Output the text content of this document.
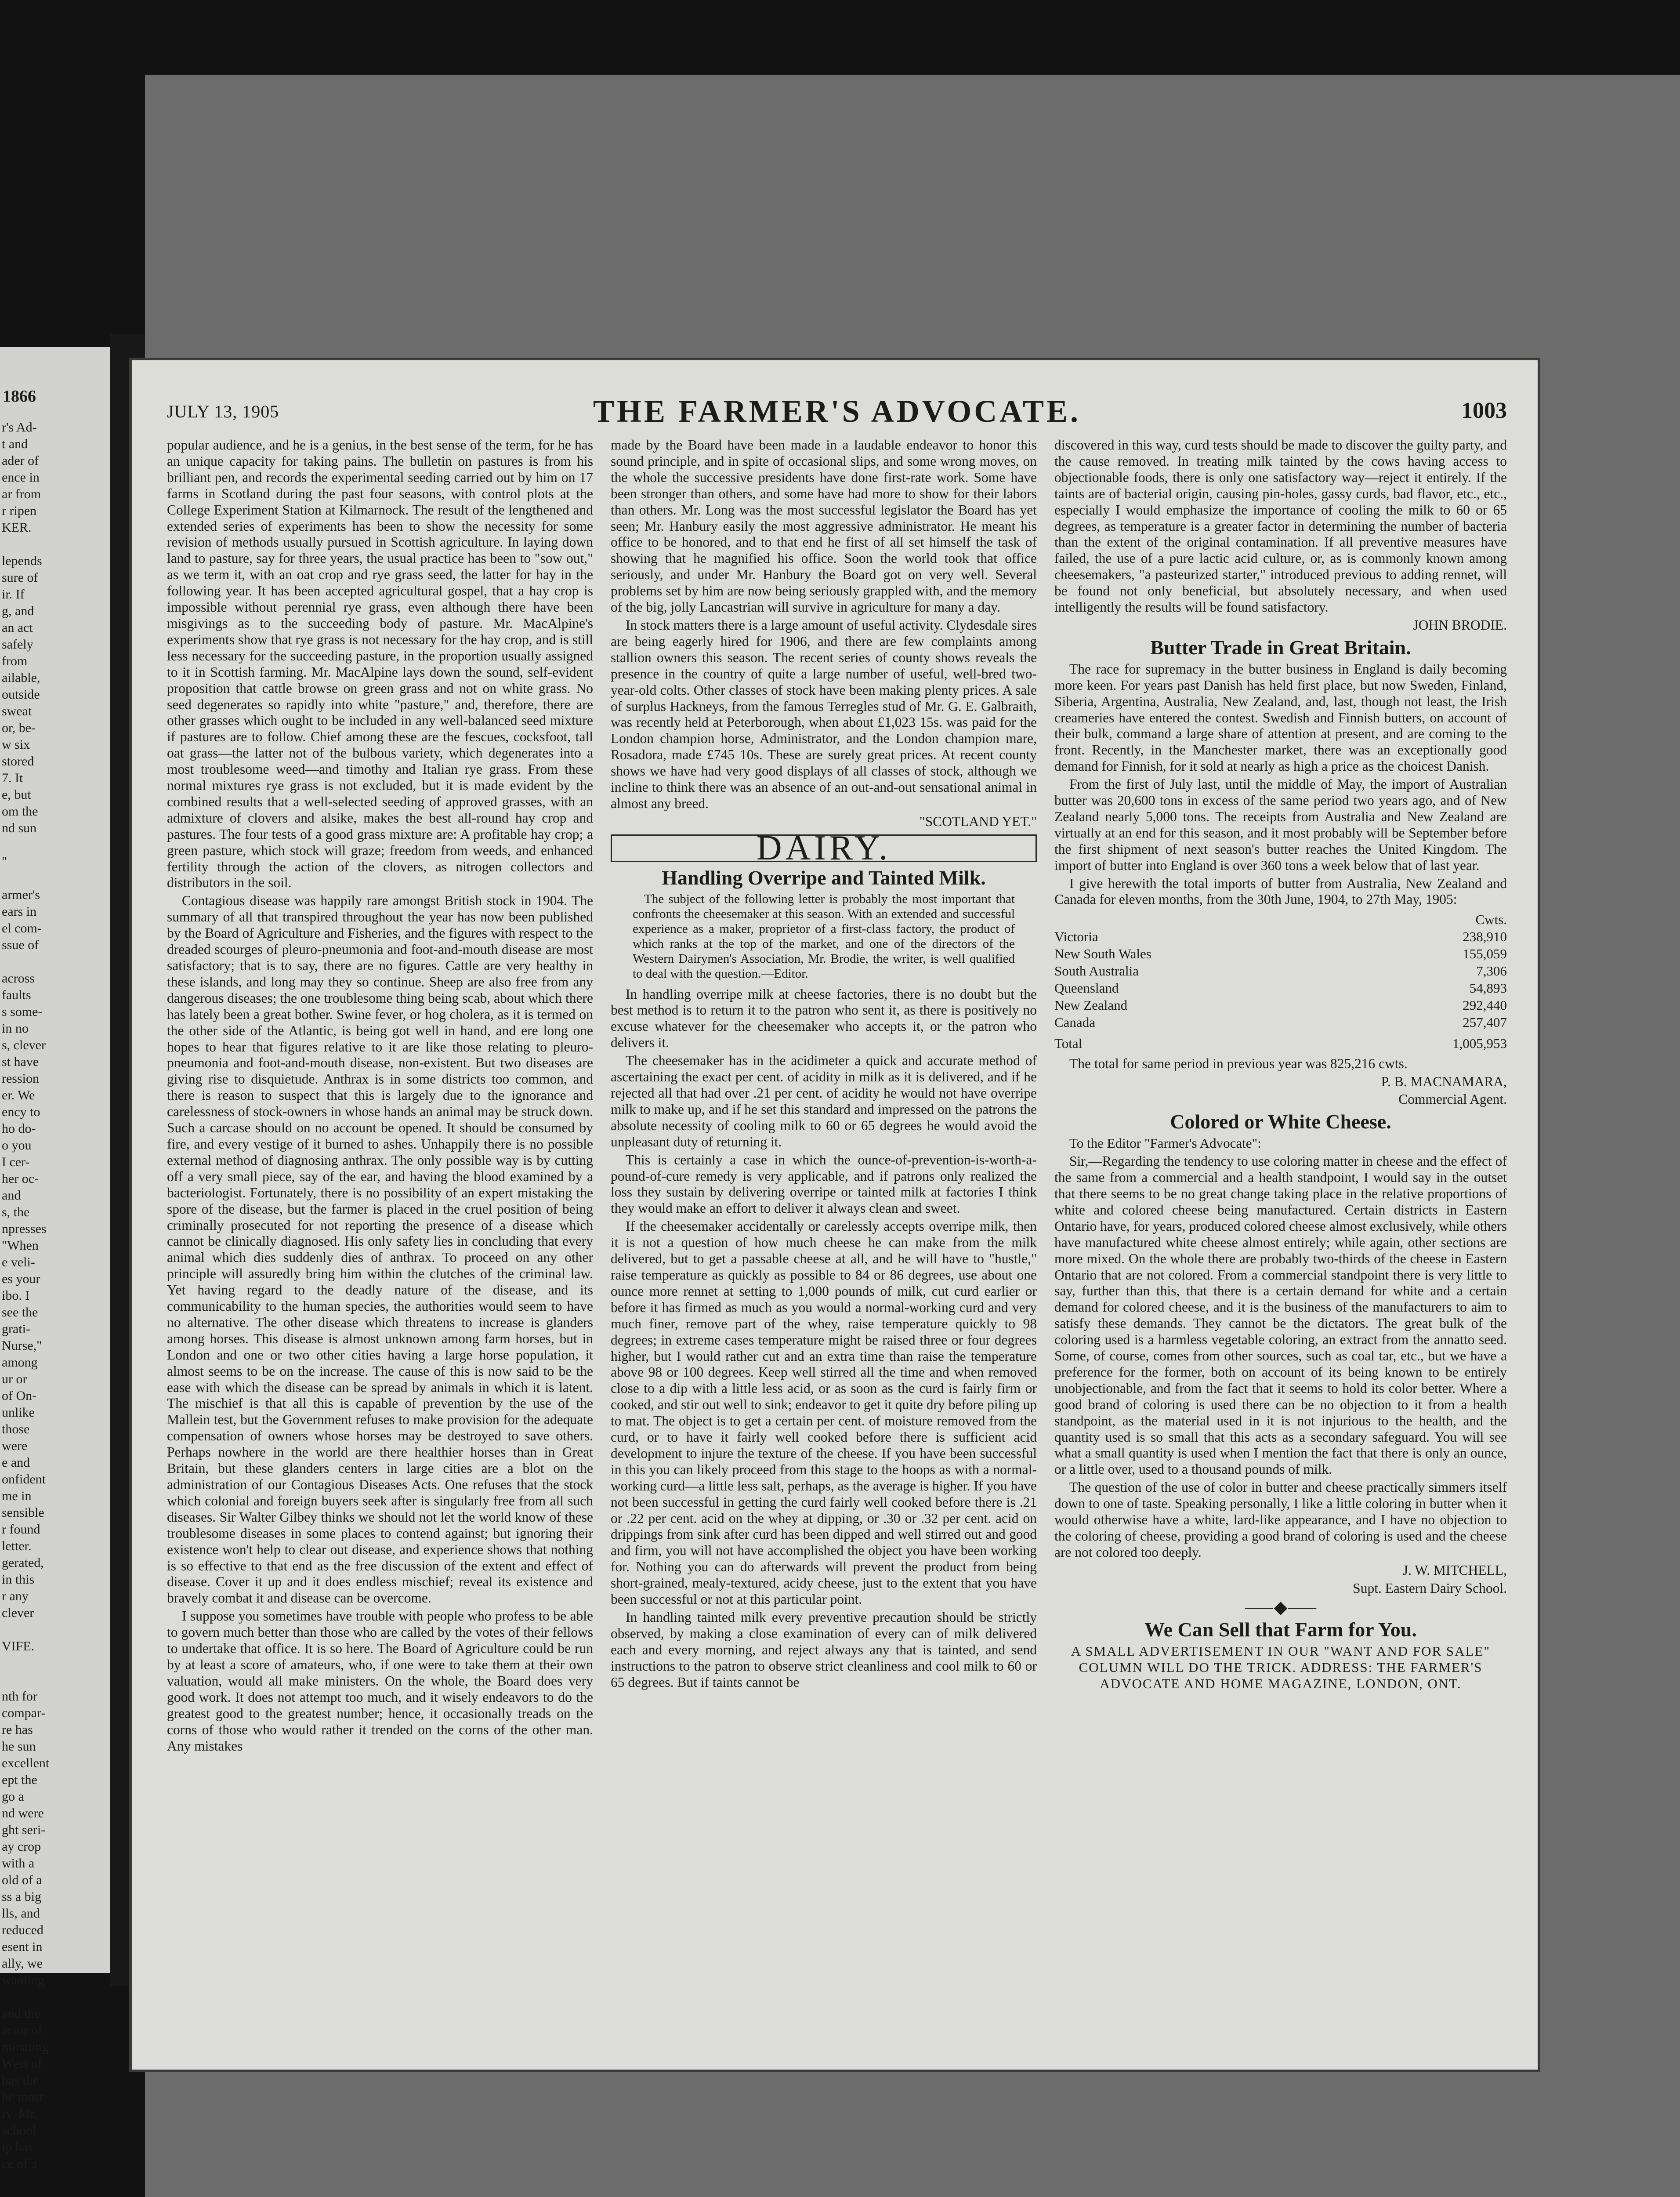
1866
r's Ad-
t and
ader of
ence in
ar from
r ripen
KER.

lepends
sure of
ir. If
g, and
an act
safely
from
ailable,
outside
sweat
or, be-
w six
stored
7. It
e, but
om the
nd sun

"

armer's
ears in
el com-
ssue of

across
faults
s some-
in no
s, clever
st have
ression
er. We
ency to
ho do-
o you
I cer-
her oc-
and
s, the
npresses
"When
e veli-
es your
ibo. I
see the
grati-
Nurse,"
among
ur or
of On-
unlike
those
were
e and
onfident
me in
sensible
r found
letter.
gerated,
in this
r any
clever

VIFE.

nth for
compar-
re has
he sun
excellent
ept the
go a
nd were
ght seri-
ay crop
with a
old of a
ss a big
lls, and
reduced
esent in
ally, we
wanting

and the
arsor of
minating
West of
has the
he most
ry. Mr.
school
ip has
ce of a
JULY 13, 1905	THE FARMER'S ADVOCATE.	1003

popular audience, and he is a genius, in the best sense of the term, for he has an unique capacity for taking pains. The bulletin on pastures is from his brilliant pen, and records the experimental seeding carried out by him on 17 farms in Scotland during the past four seasons, with control plots at the College Experiment Station at Kilmarnock. The result of the lengthened and extended series of experiments has been to show the necessity for some revision of methods usually pursued in Scottish agriculture. In laying down land to pasture, say for three years, the usual practice has been to "sow out," as we term it, with an oat crop and rye grass seed, the latter for hay in the following year. It has been accepted agricultural gospel, that a hay crop is impossible without perennial rye grass, even although there have been misgivings as to the succeeding body of pasture. Mr. MacAlpine's experiments show that rye grass is not necessary for the hay crop, and is still less necessary for the succeeding pasture, in the proportion usually assigned to it in Scottish farming. Mr. MacAlpine lays down the sound, self-evident proposition that cattle browse on green grass and not on white grass. No seed degenerates so rapidly into white "pasture," and, therefore, there are other grasses which ought to be included in any well-balanced seed mixture if pastures are to follow. Chief among these are the fescues, cocksfoot, tall oat grass—the latter not of the bulbous variety, which degenerates into a most troublesome weed—and timothy and Italian rye grass. From these normal mixtures rye grass is not excluded, but it is made evident by the combined results that a well-selected seeding of approved grasses, with an admixture of clovers and alsike, makes the best all-round hay crop and pastures. The four tests of a good grass mixture are: A profitable hay crop; a green pasture, which stock will graze; freedom from weeds, and enhanced fertility through the action of the clovers, as nitrogen collectors and distributors in the soil.

Contagious disease was happily rare amongst British stock in 1904. The summary of all that transpired throughout the year has now been published by the Board of Agriculture and Fisheries, and the figures with respect to the dreaded scourges of pleuro-pneumonia and foot-and-mouth disease are most satisfactory; that is to say, there are no figures. Cattle are very healthy in these islands, and long may they so continue. Sheep are also free from any dangerous diseases; the one troublesome thing being scab, about which there has lately been a great bother. Swine fever, or hog cholera, as it is termed on the other side of the Atlantic, is being got well in hand, and ere long one hopes to hear that figures relative to it are like those relating to pleuro-pneumonia and foot-and-mouth disease, non-existent. But two diseases are giving rise to disquietude. Anthrax is in some districts too common, and there is reason to suspect that this is largely due to the ignorance and carelessness of stock-owners in whose hands an animal may be struck down. Such a carcase should on no account be opened. It should be consumed by fire, and every vestige of it burned to ashes. Unhappily there is no possible external method of diagnosing anthrax. The only possible way is by cutting off a very small piece, say of the ear, and having the blood examined by a bacteriologist. Fortunately, there is no possibility of an expert mistaking the spore of the disease, but the farmer is placed in the cruel position of being criminally prosecuted for not reporting the presence of a disease which cannot be clinically diagnosed. His only safety lies in concluding that every animal which dies suddenly dies of anthrax. To proceed on any other principle will assuredly bring him within the clutches of the criminal law. Yet having regard to the deadly nature of the disease, and its communicability to the human species, the authorities would seem to have no alternative. The other disease which threatens to increase is glanders among horses. This disease is almost unknown among farm horses, but in London and one or two other cities having a large horse population, it almost seems to be on the increase. The cause of this is now said to be the ease with which the disease can be spread by animals in which it is latent. The mischief is that all this is capable of prevention by the use of the Mallein test, but the Government refuses to make provision for the adequate compensation of owners whose horses may be destroyed to save others. Perhaps nowhere in the world are there healthier horses than in Great Britain, but these glanders centers in large cities are a blot on the administration of our Contagious Diseases Acts. One refuses that the stock which colonial and foreign buyers seek after is singularly free from all such diseases. Sir Walter Gilbey thinks we should not let the world know of these troublesome diseases in some places to contend against; but ignoring their existence won't help to clear out disease, and experience shows that nothing is so effective to that end as the free discussion of the extent and effect of disease. Cover it up and it does endless mischief; reveal its existence and bravely combat it and disease can be overcome.

I suppose you sometimes have trouble with people who profess to be able to govern much better than those who are called by the votes of their fellows to undertake that office. It is so here. The Board of Agriculture could be run by at least a score of amateurs, who, if one were to take them at their own valuation, would all make ministers. On the whole, the Board does very good work. It does not attempt too much, and it wisely endeavors to do the greatest good to the greatest number; hence, it occasionally treads on the corns of those who would rather it trended on the corns of the other man. Any mistakes

made by the Board have been made in a laudable endeavor to honor this sound principle, and in spite of occasional slips, and some wrong moves, on the whole the successive presidents have done first-rate work. Some have been stronger than others, and some have had more to show for their labors than others. Mr. Long was the most successful legislator the Board has yet seen; Mr. Hanbury easily the most aggressive administrator. He meant his office to be honored, and to that end he first of all set himself the task of showing that he magnified his office. Soon the world took that office seriously, and under Mr. Hanbury the Board got on very well. Several problems set by him are now being seriously grappled with, and the memory of the big, jolly Lancastrian will survive in agriculture for many a day.

In stock matters there is a large amount of useful activity. Clydesdale sires are being eagerly hired for 1906, and there are few complaints among stallion owners this season. The recent series of county shows reveals the presence in the country of quite a large number of useful, well-bred two-year-old colts. Other classes of stock have been making plenty prices. A sale of surplus Hackneys, from the famous Terregles stud of Mr. G. E. Galbraith, was recently held at Peterborough, when about £1,023 15s. was paid for the London champion horse, Administrator, and the London champion mare, Rosadora, made £745 10s. These are surely great prices. At recent county shows we have had very good displays of all classes of stock, although we incline to think there was an absence of an out-and-out sensational animal in almost any breed.

"SCOTLAND YET."

DAIRY.
Handling Overripe and Tainted Milk.

The subject of the following letter is probably the most important that confronts the cheesemaker at this season. With an extended and successful experience as a maker, proprietor of a first-class factory, the product of which ranks at the top of the market, and one of the directors of the Western Dairymen's Association, Mr. Brodie, the writer, is well qualified to deal with the question.—Editor.

In handling overripe milk at cheese factories, there is no doubt but the best method is to return it to the patron who sent it, as there is positively no excuse whatever for the cheesemaker who accepts it, or the patron who delivers it.

The cheesemaker has in the acidimeter a quick and accurate method of ascertaining the exact per cent. of acidity in milk as it is delivered, and if he rejected all that had over .21 per cent. of acidity he would not have overripe milk to make up, and if he set this standard and impressed on the patrons the absolute necessity of cooling milk to 60 or 65 degrees he would avoid the unpleasant duty of returning it.

This is certainly a case in which the ounce-of-prevention-is-worth-a-pound-of-cure remedy is very applicable, and if patrons only realized the loss they sustain by delivering overripe or tainted milk at factories I think they would make an effort to deliver it always clean and sweet.

If the cheesemaker accidentally or carelessly accepts overripe milk, then it is not a question of how much cheese he can make from the milk delivered, but to get a passable cheese at all, and he will have to "hustle," raise temperature as quickly as possible to 84 or 86 degrees, use about one ounce more rennet at setting to 1,000 pounds of milk, cut curd earlier or before it has firmed as much as you would a normal-working curd and very much finer, remove part of the whey, raise temperature quickly to 98 degrees; in extreme cases temperature might be raised three or four degrees higher, but I would rather cut and an extra time than raise the temperature above 98 or 100 degrees. Keep well stirred all the time and when removed close to a dip with a little less acid, or as soon as the curd is fairly firm or cooked, and stir out well to sink; endeavor to get it quite dry before piling up to mat. The object is to get a certain per cent. of moisture removed from the curd, or to have it fairly well cooked before there is sufficient acid development to injure the texture of the cheese. If you have been successful in this you can likely proceed from this stage to the hoops as with a normal-working curd—a little less salt, perhaps, as the average is higher. If you have not been successful in getting the curd fairly well cooked before there is .21 or .22 per cent. acid on the whey at dipping, or .30 or .32 per cent. acid on drippings from sink after curd has been dipped and well stirred out and good and firm, you will not have accomplished the object you have been working for. Nothing you can do afterwards will prevent the product from being short-grained, mealy-textured, acidy cheese, just to the extent that you have been successful or not at this particular point.

In handling tainted milk every preventive precaution should be strictly observed, by making a close examination of every can of milk delivered each and every morning, and reject always any that is tainted, and send instructions to the patron to observe strict cleanliness and cool milk to 60 or 65 degrees. But if taints cannot be

discovered in this way, curd tests should be made to discover the guilty party, and the cause removed. In treating milk tainted by the cows having access to objectionable foods, there is only one satisfactory way—reject it entirely. If the taints are of bacterial origin, causing pin-holes, gassy curds, bad flavor, etc., etc., especially I would emphasize the importance of cooling the milk to 60 or 65 degrees, as temperature is a greater factor in determining the number of bacteria than the extent of the original contamination. If all preventive measures have failed, the use of a pure lactic acid culture, or, as is commonly known among cheesemakers, "a pasteurized starter," introduced previous to adding rennet, will be found not only beneficial, but absolutely necessary, and when used intelligently the results will be found satisfactory.

JOHN BRODIE.

Butter Trade in Great Britain.

The race for supremacy in the butter business in England is daily becoming more keen. For years past Danish has held first place, but now Sweden, Finland, Siberia, Argentina, Australia, New Zealand, and, last, though not least, the Irish creameries have entered the contest. Swedish and Finnish butters, on account of their bulk, command a large share of attention at present, and are coming to the front. Recently, in the Manchester market, there was an exceptionally good demand for Finnish, for it sold at nearly as high a price as the choicest Danish.

From the first of July last, until the middle of May, the import of Australian butter was 20,600 tons in excess of the same period two years ago, and of New Zealand nearly 5,000 tons. The receipts from Australia and New Zealand are virtually at an end for this season, and it most probably will be September before the first shipment of next season's butter reaches the United Kingdom. The import of butter into England is over 360 tons a week below that of last year.

I give herewith the total imports of butter from Australia, New Zealand and Canada for eleven months, from the 30th June, 1904, to 27th May, 1905:

	Cwts.
Victoria	238,910
New South Wales	155,059
South Australia	7,306
Queensland	54,893
New Zealand	292,440
Canada	257,407
Total	1,005,953

The total for same period in previous year was 825,216 cwts.

P. B. MACNAMARA,

Commercial Agent.

Colored or White Cheese.

To the Editor "Farmer's Advocate":

Sir,—Regarding the tendency to use coloring matter in cheese and the effect of the same from a commercial and a health standpoint, I would say in the outset that there seems to be no great change taking place in the relative proportions of white and colored cheese being manufactured. Certain districts in Eastern Ontario have, for years, produced colored cheese almost exclusively, while others have manufactured white cheese almost entirely; while again, other sections are more mixed. On the whole there are probably two-thirds of the cheese in Eastern Ontario that are not colored. From a commercial standpoint there is very little to say, further than this, that there is a certain demand for white and a certain demand for colored cheese, and it is the business of the manufacturers to aim to satisfy these demands. They cannot be the dictators. The great bulk of the coloring used is a harmless vegetable coloring, an extract from the annatto seed. Some, of course, comes from other sources, such as coal tar, etc., but we have a preference for the former, both on account of its being known to be entirely unobjectionable, and from the fact that it seems to hold its color better. Where a good brand of coloring is used there can be no objection to it from a health standpoint, as the material used in it is not injurious to the health, and the quantity used is so small that this acts as a secondary safeguard. You will see what a small quantity is used when I mention the fact that there is only an ounce, or a little over, used to a thousand pounds of milk.

The question of the use of color in butter and cheese practically simmers itself down to one of taste. Speaking personally, I like a little coloring in butter when it would otherwise have a white, lard-like appearance, and I have no objection to the coloring of cheese, providing a good brand of coloring is used and the cheese are not colored too deeply.

J. W. MITCHELL,

Supt. Eastern Dairy School.

⸺◆⸺
We Can Sell that Farm for You.
A SMALL ADVERTISEMENT IN OUR "WANT AND FOR SALE" COLUMN WILL DO THE TRICK. ADDRESS: THE FARMER'S ADVOCATE AND HOME MAGAZINE, LONDON, ONT.
